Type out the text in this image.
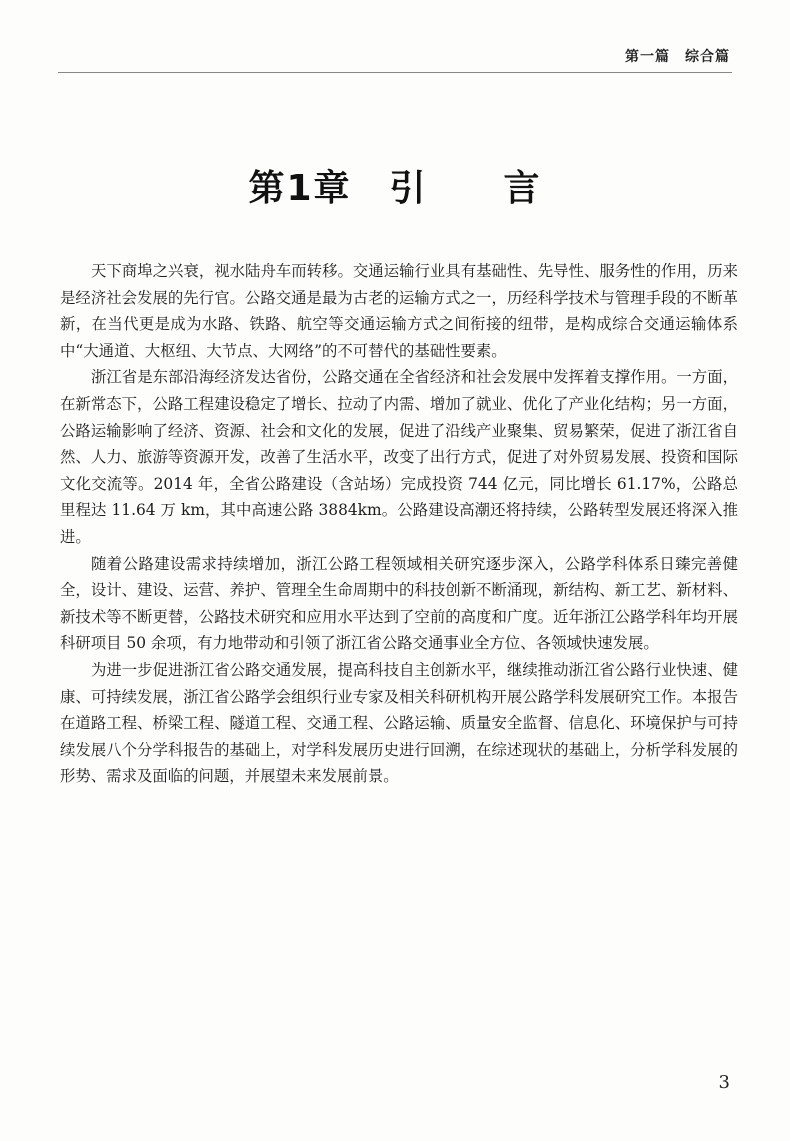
第一篇　综合篇
第1章　引　　言

天下商埠之兴衰，视水陆舟车而转移。交通运输行业具有基础性、先导性、服务性的作用，历来是经济社会发展的先行官。公路交通是最为古老的运输方式之一，历经科学技术与管理手段的不断革新，在当代更是成为水路、铁路、航空等交通运输方式之间衔接的纽带，是构成综合交通运输体系中“大通道、大枢纽、大节点、大网络”的不可替代的基础性要素。

浙江省是东部沿海经济发达省份，公路交通在全省经济和社会发展中发挥着支撑作用。一方面，在新常态下，公路工程建设稳定了增长、拉动了内需、增加了就业、优化了产业化结构；另一方面，公路运输影响了经济、资源、社会和文化的发展，促进了沿线产业聚集、贸易繁荣，促进了浙江省自然、人力、旅游等资源开发，改善了生活水平，改变了出行方式，促进了对外贸易发展、投资和国际文化交流等。2014 年，全省公路建设（含站场）完成投资 744 亿元，同比增长 61.17%，公路总里程达 11.64 万 km，其中高速公路 3884km。公路建设高潮还将持续，公路转型发展还将深入推进。

随着公路建设需求持续增加，浙江公路工程领域相关研究逐步深入，公路学科体系日臻完善健全，设计、建设、运营、养护、管理全生命周期中的科技创新不断涌现，新结构、新工艺、新材料、新技术等不断更替，公路技术研究和应用水平达到了空前的高度和广度。近年浙江公路学科年均开展科研项目 50 余项，有力地带动和引领了浙江省公路交通事业全方位、各领域快速发展。

为进一步促进浙江省公路交通发展，提高科技自主创新水平，继续推动浙江省公路行业快速、健康、可持续发展，浙江省公路学会组织行业专家及相关科研机构开展公路学科发展研究工作。本报告在道路工程、桥梁工程、隧道工程、交通工程、公路运输、质量安全监督、信息化、环境保护与可持续发展八个分学科报告的基础上，对学科发展历史进行回溯，在综述现状的基础上，分析学科发展的形势、需求及面临的问题，并展望未来发展前景。

3
